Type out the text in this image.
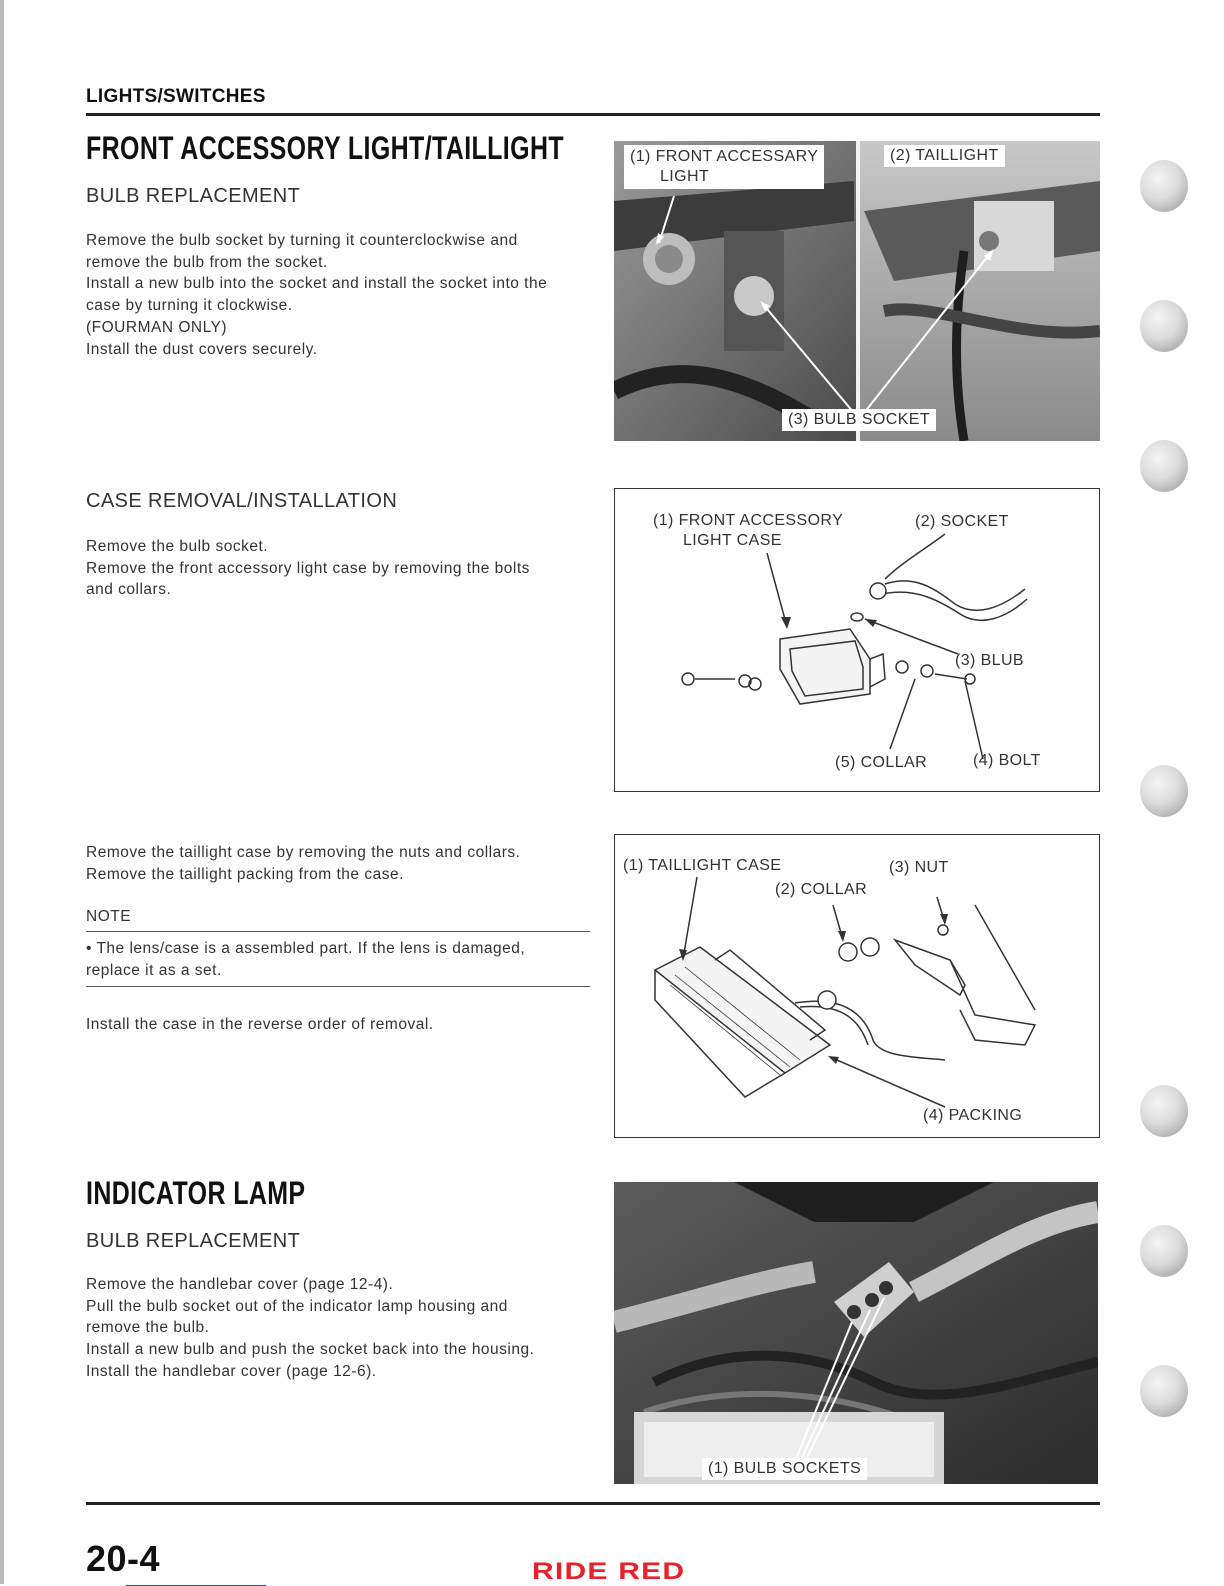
LIGHTS/SWITCHES
FRONT ACCESSORY LIGHT/TAILLIGHT
BULB REPLACEMENT
Remove the bulb socket by turning it counterclockwise and
remove the bulb from the socket.
Install a new bulb into the socket and install the socket into the
case by turning it clockwise.
(FOURMAN ONLY)
Install the dust covers securely.
CASE REMOVAL/INSTALLATION
Remove the bulb socket.
Remove the front accessory light case by removing the bolts
and collars.
Remove the taillight case by removing the nuts and collars.
Remove the taillight packing from the case.
NOTE
• The lens/case is a assembled part. If the lens is damaged,
replace it as a set.
Install the case in the reverse order of removal.
INDICATOR LAMP
BULB REPLACEMENT
Remove the handlebar cover (page 12-4).
Pull the bulb socket out of the indicator lamp housing and
remove the bulb.
Install a new bulb and push the socket back into the housing.
Install the handlebar cover (page 12-6).
(1) FRONT ACCESSARY
LIGHT
(2) TAILLIGHT
(3) BULB SOCKET
(1) FRONT ACCESSORY
LIGHT CASE
(2) SOCKET
(3) BLUB
(5) COLLAR	(4) BOLT
(1) TAILLIGHT CASE
(2) COLLAR
(3) NUT
(4) PACKING
(1) BULB SOCKETS
20-4	RIDE RED
